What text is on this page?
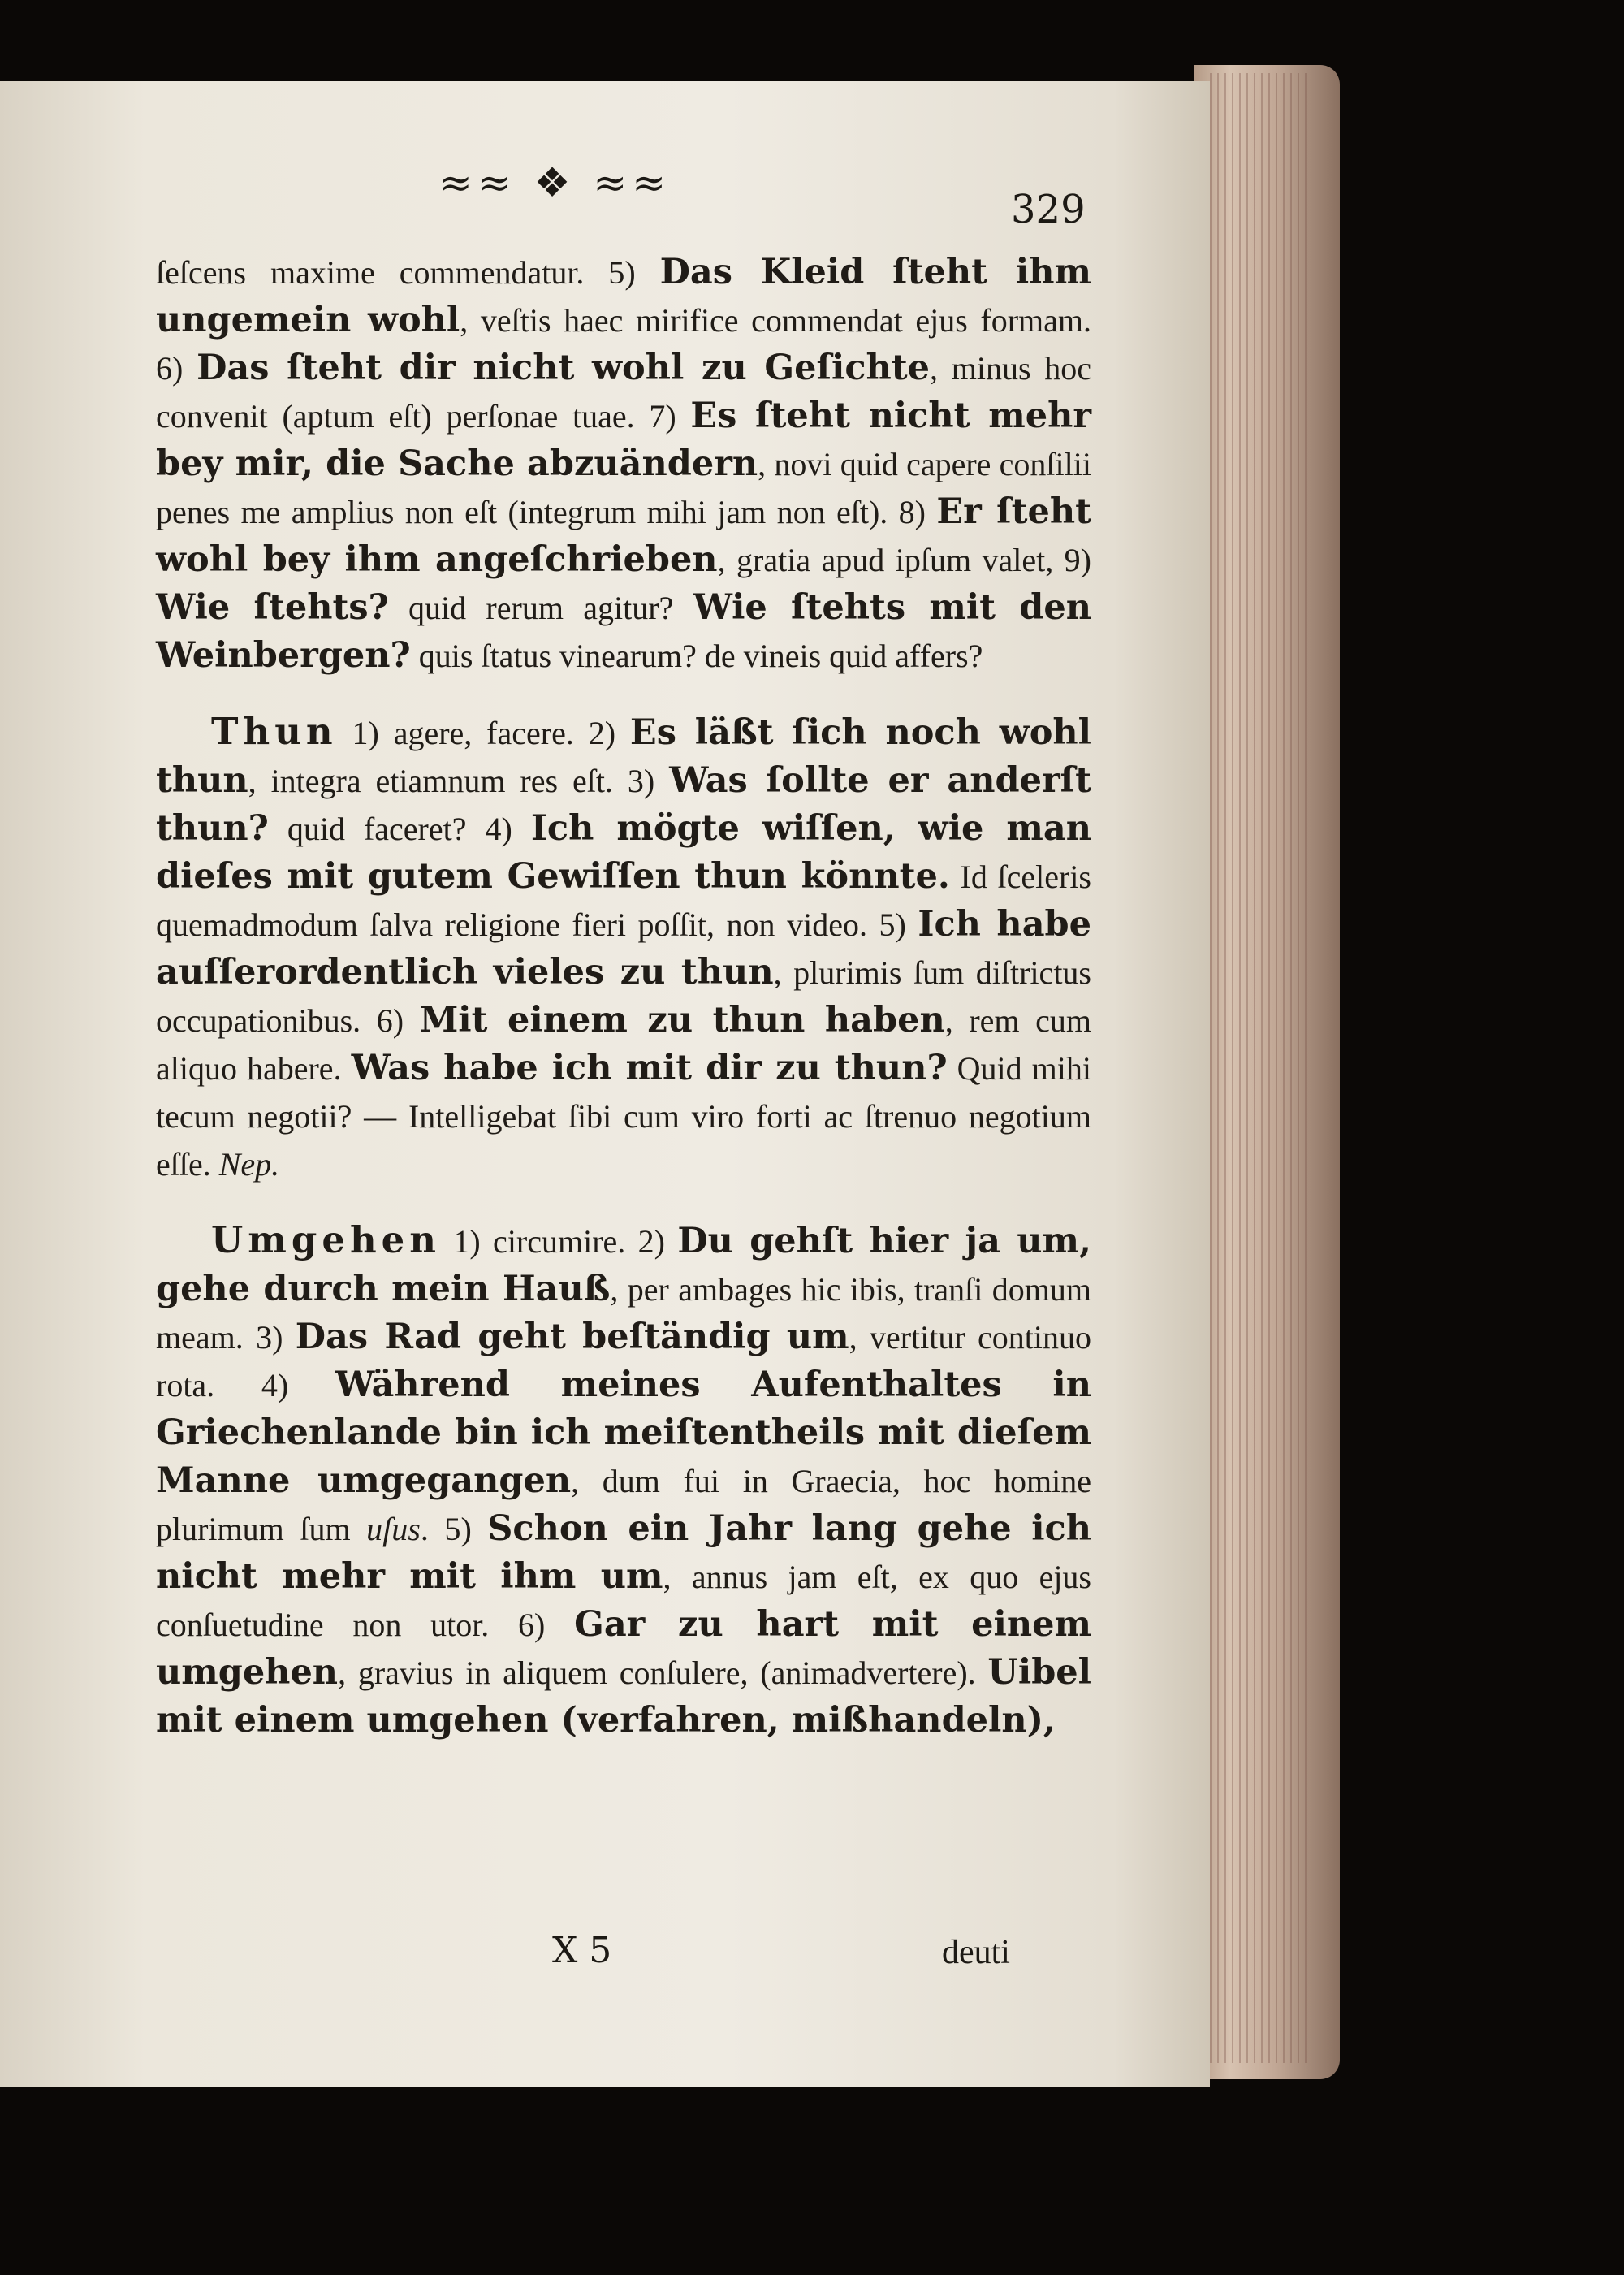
≈≈ ❖ ≈≈
329

ſeſcens maxime commendatur. 5) Das Kleid ſteht ihm ungemein wohl, veſtis haec mirifice commendat ejus formam. 6) Das ſteht dir nicht wohl zu Geſichte, minus hoc convenit (aptum eſt) perſonae tuae. 7) Es ſteht nicht mehr bey mir, die Sache abzuändern, novi quid capere conſilii penes me amplius non eſt (integrum mihi jam non eſt). 8) Er ſteht wohl bey ihm angeſchrieben, gratia apud ipſum valet, 9) Wie ſtehts? quid rerum agitur? Wie ſtehts mit den Weinbergen? quis ſtatus vinearum? de vineis quid affers?

Thun 1) agere, facere. 2) Es läßt ſich noch wohl thun, integra etiamnum res eſt. 3) Was ſollte er anderſt thun? quid faceret? 4) Ich mögte wiſſen, wie man dieſes mit gutem Gewiſſen thun könnte. Id ſceleris quemadmodum ſalva religione fieri poſſit, non video. 5) Ich habe auſſerordentlich vieles zu thun, plurimis ſum diſtrictus occupationibus. 6) Mit einem zu thun haben, rem cum aliquo habere. Was habe ich mit dir zu thun? Quid mihi tecum negotii? — Intelligebat ſibi cum viro forti ac ſtrenuo negotium eſſe. Nep.

Umgehen 1) circumire. 2) Du gehſt hier ja um, gehe durch mein Hauß, per ambages hic ibis, tranſi domum meam. 3) Das Rad geht beſtändig um, vertitur continuo rota. 4) Während meines Aufenthaltes in Griechenlande bin ich meiſtentheils mit dieſem Manne umgegangen, dum fui in Graecia, hoc homine plurimum ſum uſus. 5) Schon ein Jahr lang gehe ich nicht mehr mit ihm um, annus jam eſt, ex quo ejus conſuetudine non utor. 6) Gar zu hart mit einem umgehen, gravius in aliquem conſulere, (animadvertere). Uibel mit einem umgehen (verfahren, mißhandeln),

X 5	deuti
